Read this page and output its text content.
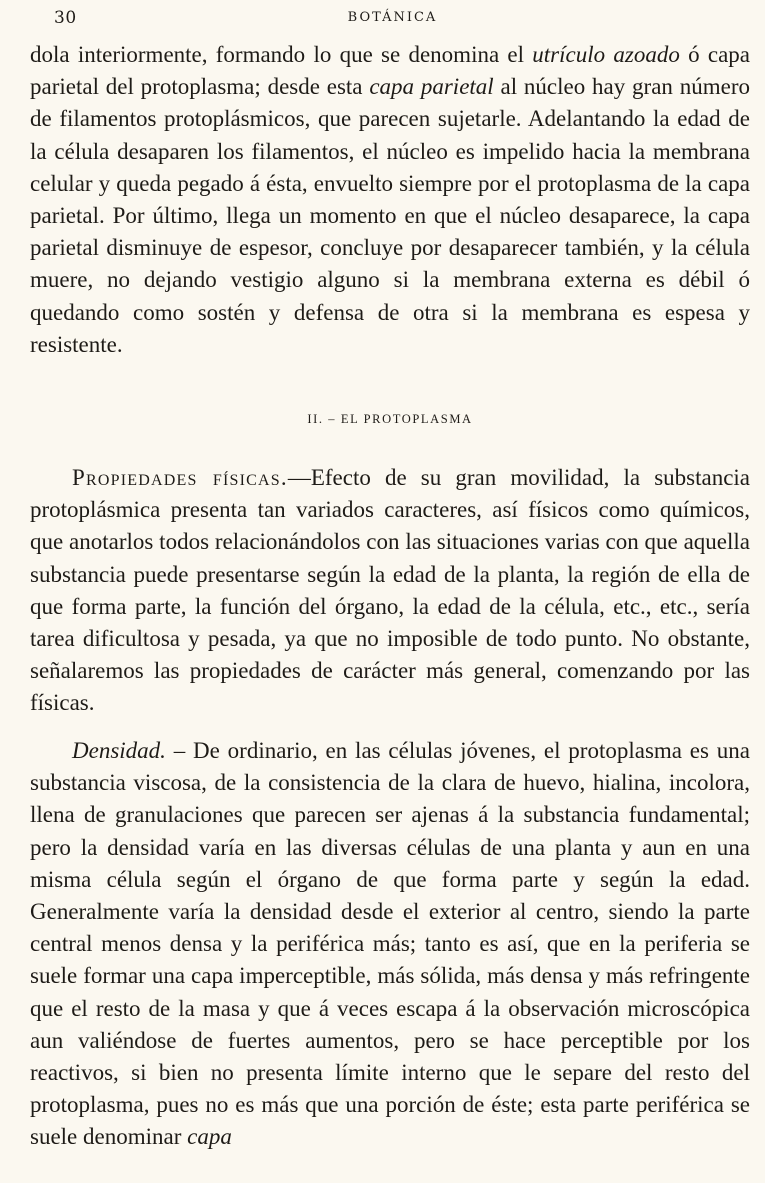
30	BOTÁNICA

dola interiormente, formando lo que se denomina el utrículo azoado ó capa parietal del protoplasma; desde esta capa parietal al núcleo hay gran número de filamentos protoplásmicos, que parecen sujetarle. Adelantando la edad de la célula desaparen los filamentos, el núcleo es impelido hacia la membrana celular y queda pegado á ésta, envuelto siempre por el protoplasma de la capa parietal. Por último, llega un momento en que el núcleo desaparece, la capa parietal disminuye de espesor, concluye por desaparecer también, y la célula muere, no dejando vestigio alguno si la membrana externa es débil ó quedando como sostén y defensa de otra si la membrana es espesa y resistente.

II. – EL PROTOPLASMA

Propiedades físicas.—Efecto de su gran movilidad, la substancia protoplásmica presenta tan variados caracteres, así físicos como químicos, que anotarlos todos relacionándolos con las situaciones varias con que aquella substancia puede presentarse según la edad de la planta, la región de ella de que forma parte, la función del órgano, la edad de la célula, etc., etc., sería tarea dificultosa y pesada, ya que no imposible de todo punto. No obstante, señalaremos las propiedades de carácter más general, comenzando por las físicas.

Densidad. – De ordinario, en las células jóvenes, el protoplasma es una substancia viscosa, de la consistencia de la clara de huevo, hialina, incolora, llena de granulaciones que parecen ser ajenas á la substancia fundamental; pero la densidad varía en las diversas células de una planta y aun en una misma célula según el órgano de que forma parte y según la edad. Generalmente varía la densidad desde el exterior al centro, siendo la parte central menos densa y la periférica más; tanto es así, que en la periferia se suele formar una capa imperceptible, más sólida, más densa y más refringente que el resto de la masa y que á veces escapa á la observación microscópica aun valiéndose de fuertes aumentos, pero se hace perceptible por los reactivos, si bien no presenta límite interno que le separe del resto del protoplasma, pues no es más que una porción de éste; esta parte periférica se suele denominar capa
